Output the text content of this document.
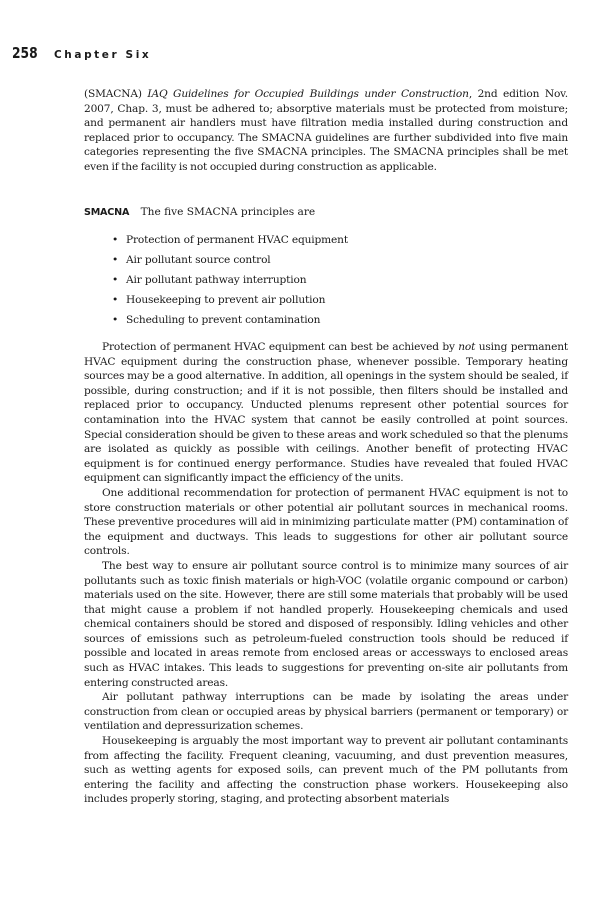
258 Chapter Six
(SMACNA) IAQ Guidelines for Occupied Buildings under Construction, 2nd edition Nov. 2007, Chap. 3, must be adhered to; absorptive materials must be protected from moisture; and permanent air handlers must have filtration media installed during construction and replaced prior to occupancy. The SMACNA guidelines are further subdivided into five main categories representing the five SMACNA principles. The SMACNA principles shall be met even if the facility is not occupied during construction as applicable.
SMACNA The five SMACNA principles are
• Protection of permanent HVAC equipment
• Air pollutant source control
• Air pollutant pathway interruption
• Housekeeping to prevent air pollution
• Scheduling to prevent contamination

Protection of permanent HVAC equipment can best be achieved by not using permanent HVAC equipment during the construction phase, whenever possible. Temporary heating sources may be a good alternative. In addition, all openings in the system should be sealed, if possible, during construction; and if it is not possible, then filters should be installed and replaced prior to occupancy. Unducted plenums represent other potential sources for contamination into the HVAC system that cannot be easily controlled at point sources. Special consideration should be given to these areas and work scheduled so that the plenums are isolated as quickly as possible with ceilings. Another benefit of protecting HVAC equipment is for continued energy performance. Studies have revealed that fouled HVAC equipment can significantly impact the efficiency of the units.

One additional recommendation for protection of permanent HVAC equipment is not to store construction materials or other potential air pollutant sources in mechanical rooms. These preventive procedures will aid in minimizing particulate matter (PM) contamination of the equipment and ductways. This leads to suggestions for other air pollutant source controls.

The best way to ensure air pollutant source control is to minimize many sources of air pollutants such as toxic finish materials or high-VOC (volatile organic compound or carbon) materials used on the site. However, there are still some materials that probably will be used that might cause a problem if not handled properly. Housekeeping chemicals and used chemical containers should be stored and disposed of responsibly. Idling vehicles and other sources of emissions such as petroleum-fueled construction tools should be reduced if possible and located in areas remote from enclosed areas or accessways to enclosed areas such as HVAC intakes. This leads to suggestions for preventing on-site air pollutants from entering constructed areas.

Air pollutant pathway interruptions can be made by isolating the areas under construction from clean or occupied areas by physical barriers (permanent or temporary) or ventilation and depressurization schemes.

Housekeeping is arguably the most important way to prevent air pollutant contaminants from affecting the facility. Frequent cleaning, vacuuming, and dust prevention measures, such as wetting agents for exposed soils, can prevent much of the PM pollutants from entering the facility and affecting the construction phase workers. Housekeeping also includes properly storing, staging, and protecting absorbent materials
